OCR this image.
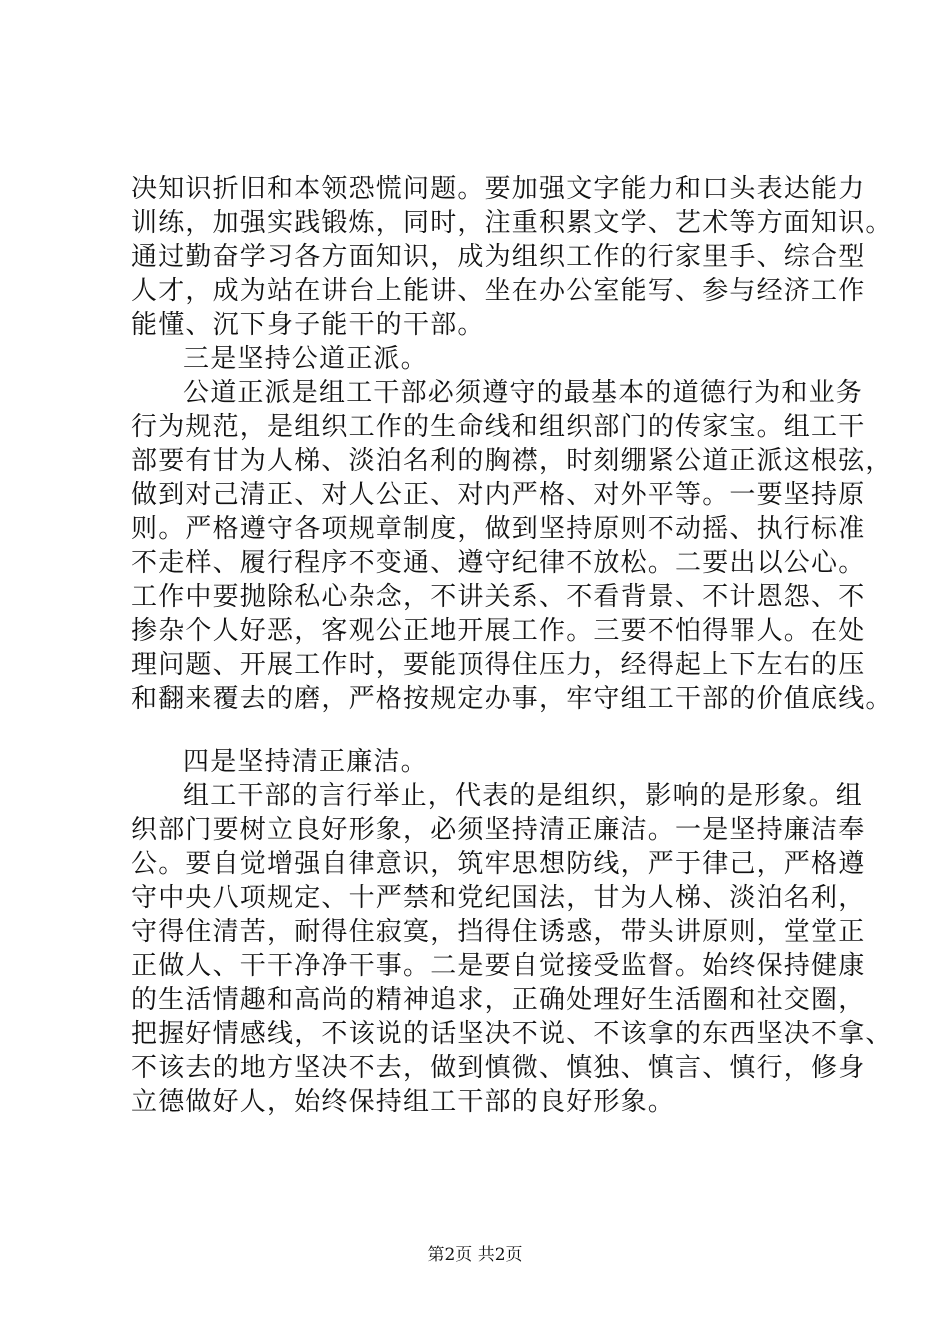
决知识折旧和本领恐慌问题。要加强文字能力和口头表达能力
训练，加强实践锻炼，同时，注重积累文学、艺术等方面知识。
通过勤奋学习各方面知识，成为组织工作的行家里手、综合型
人才，成为站在讲台上能讲、坐在办公室能写、参与经济工作
能懂、沉下身子能干的干部。
三是坚持公道正派。
公道正派是组工干部必须遵守的最基本的道德行为和业务
行为规范，是组织工作的生命线和组织部门的传家宝。组工干
部要有甘为人梯、淡泊名利的胸襟，时刻绷紧公道正派这根弦，
做到对己清正、对人公正、对内严格、对外平等。一要坚持原
则。严格遵守各项规章制度，做到坚持原则不动摇、执行标准
不走样、履行程序不变通、遵守纪律不放松。二要出以公心。
工作中要抛除私心杂念，不讲关系、不看背景、不计恩怨、不
掺杂个人好恶，客观公正地开展工作。三要不怕得罪人。在处
理问题、开展工作时，要能顶得住压力，经得起上下左右的压
和翻来覆去的磨，严格按规定办事，牢守组工干部的价值底线。
四是坚持清正廉洁。
组工干部的言行举止，代表的是组织，影响的是形象。组
织部门要树立良好形象，必须坚持清正廉洁。一是坚持廉洁奉
公。要自觉增强自律意识，筑牢思想防线，严于律己，严格遵
守中央八项规定、十严禁和党纪国法，甘为人梯、淡泊名利，
守得住清苦，耐得住寂寞，挡得住诱惑，带头讲原则，堂堂正
正做人、干干净净干事。二是要自觉接受监督。始终保持健康
的生活情趣和高尚的精神追求，正确处理好生活圈和社交圈，
把握好情感线，不该说的话坚决不说、不该拿的东西坚决不拿、
不该去的地方坚决不去，做到慎微、慎独、慎言、慎行，修身
立德做好人，始终保持组工干部的良好形象。
第2页 共2页
